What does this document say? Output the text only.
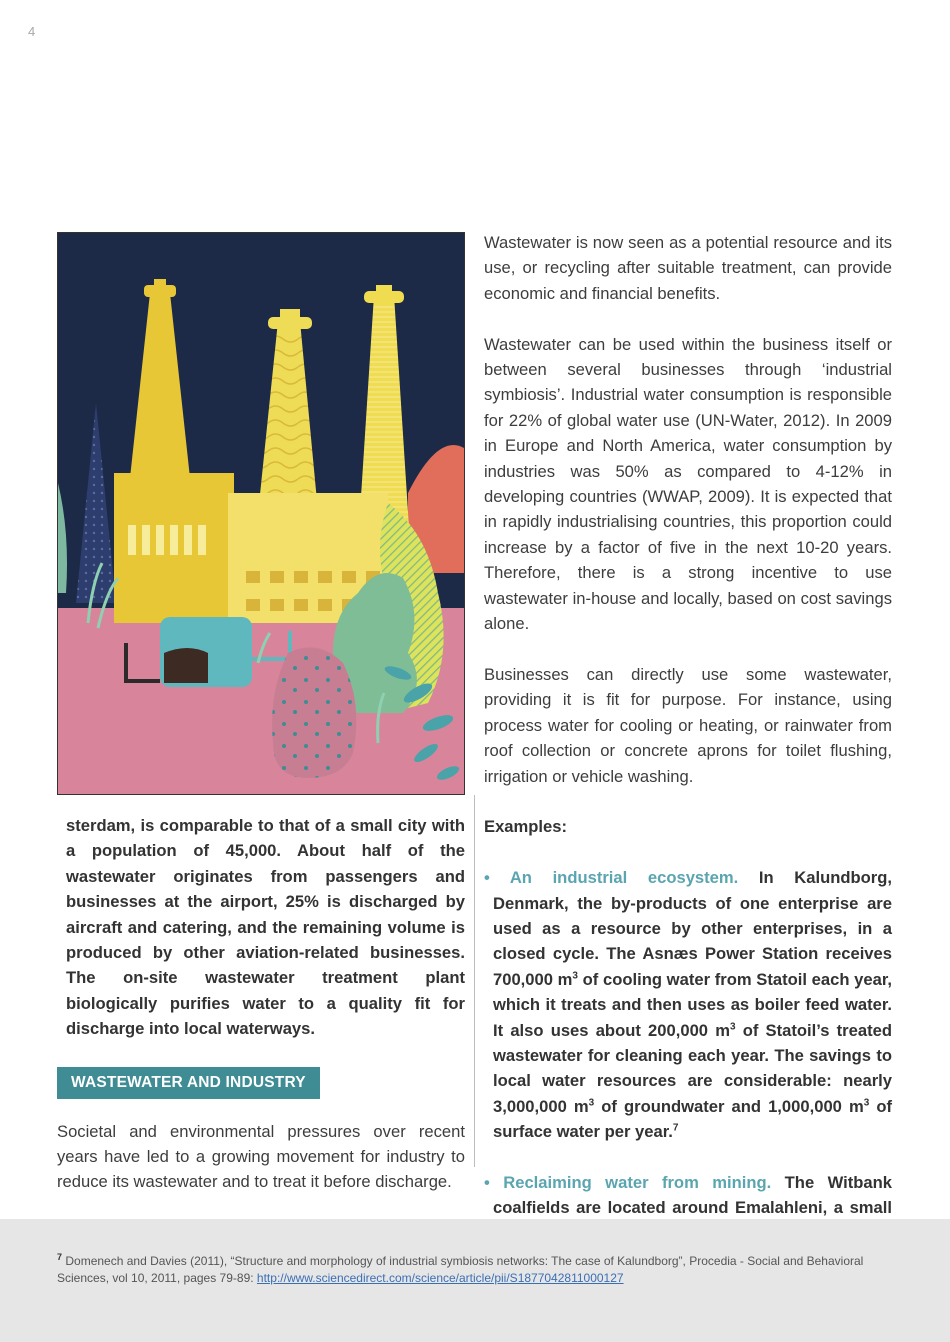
4

Wastewater is now seen as a potential resource and its use, or recycling after suitable treatment, can provide economic and financial benefits.

Wastewater can be used within the business itself or between several businesses through ‘industrial symbiosis’. Industrial water consumption is responsible for 22% of global water use (UN-Water, 2012). In 2009 in Europe and North America, water consumption by industries was 50% as compared to 4-12% in developing countries (WWAP, 2009). It is expected that in rapidly industrialising countries, this proportion could increase by a factor of five in the next 10-20 years. Therefore, there is a strong incentive to use wastewater in-house and locally, based on cost savings alone.

Businesses can directly use some wastewater, providing it is fit for purpose. For instance, using process water for cooling or heating, or rainwater from roof collection or concrete aprons for toilet flushing, irrigation or vehicle washing.

Examples:

• An industrial ecosystem. In Kalundborg, Denmark, the by-products of one enterprise are used as a resource by other enterprises, in a closed cycle. The Asnæs Power Station receives 700,000 $m^3$ of cooling water from Statoil each year, which it treats and then uses as boiler feed water. It also uses about 200,000 $m^3$ of Statoil’s treated wastewater for cleaning each year. The savings to local water resources are considerable: nearly 3,000,000 $m^3$ of groundwater and 1,000,000 $m^3$ of surface water per year.$^7$

• Reclaiming water from mining. The Witbank coalfields are located around Emalahleni, a small

sterdam, is comparable to that of a small city with a population of 45,000. About half of the wastewater originates from passengers and businesses at the airport, 25% is discharged by aircraft and catering, and the remaining volume is produced by other aviation-related businesses. The on-site wastewater treatment plant biologically purifies water to a quality fit for discharge into local waterways.

WASTEWATER AND INDUSTRY

Societal and environmental pressures over recent years have led to a growing movement for industry to reduce its wastewater and to treat it before discharge.

$^7$ Domenech and Davies (2011), “Structure and morphology of industrial symbiosis networks: The case of Kalundborg”, Procedia - Social and Behavioral Sciences, vol 10, 2011, pages 79-89: http://www.sciencedirect.com/science/article/pii/S1877042811000127
